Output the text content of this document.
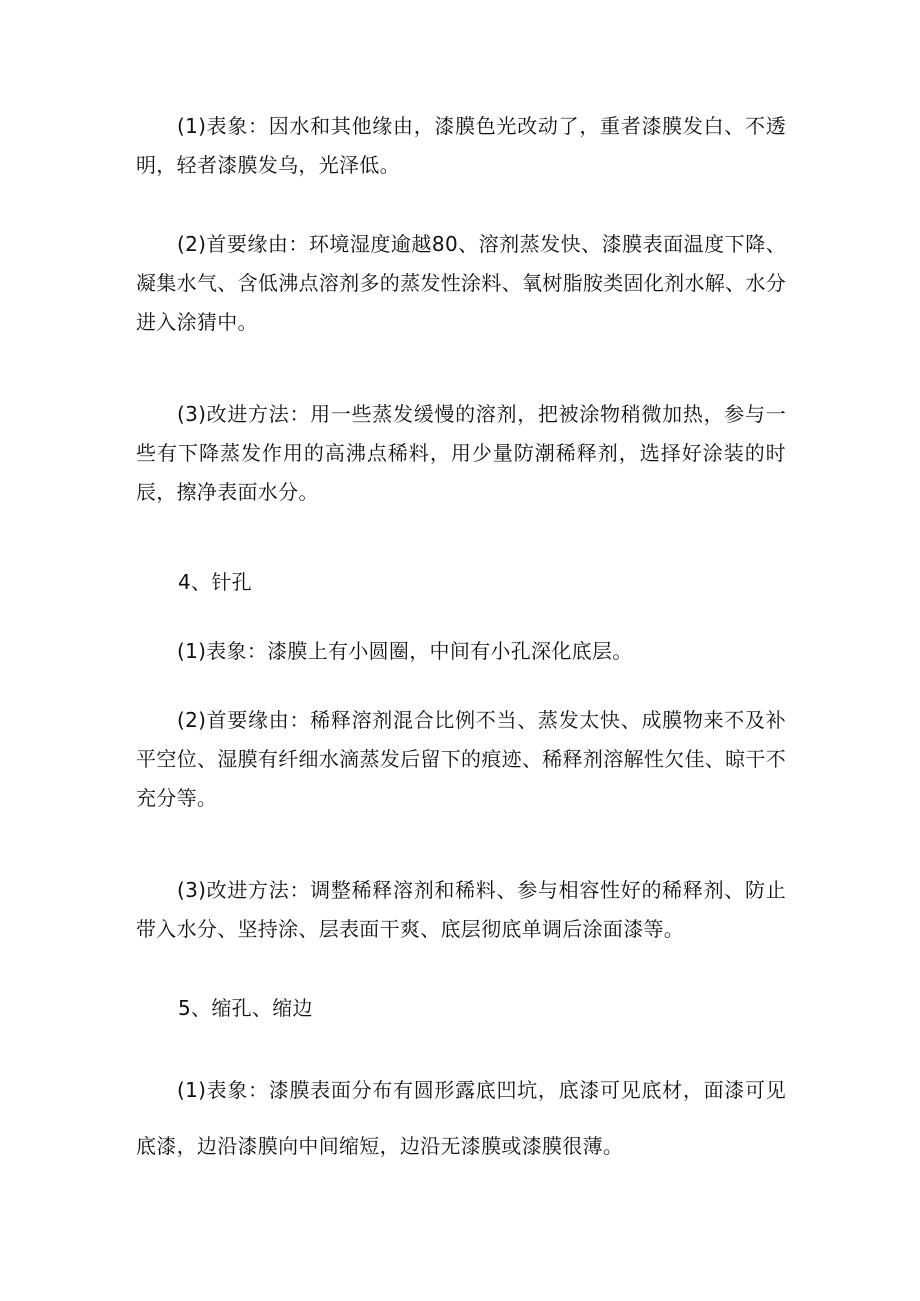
(1)表象：因水和其他缘由，漆膜色光改动了，重者漆膜发白、不透明，轻者漆膜发乌，光泽低。

(2)首要缘由：环境湿度逾越80、溶剂蒸发快、漆膜表面温度下降、凝集水气、含低沸点溶剂多的蒸发性涂料、氧树脂胺类固化剂水解、水分进入涂猜中。

(3)改进方法：用一些蒸发缓慢的溶剂，把被涂物稍微加热，参与一些有下降蒸发作用的高沸点稀料，用少量防潮稀释剂，选择好涂装的时辰，擦净表面水分。

4、针孔

(1)表象：漆膜上有小圆圈，中间有小孔深化底层。

(2)首要缘由：稀释溶剂混合比例不当、蒸发太快、成膜物来不及补平空位、湿膜有纤细水滴蒸发后留下的痕迹、稀释剂溶解性欠佳、晾干不充分等。

(3)改进方法：调整稀释溶剂和稀料、参与相容性好的稀释剂、防止带入水分、坚持涂、层表面干爽、底层彻底单调后涂面漆等。

5、缩孔、缩边

(1)表象：漆膜表面分布有圆形露底凹坑，底漆可见底材，面漆可见底漆，边沿漆膜向中间缩短，边沿无漆膜或漆膜很薄。
